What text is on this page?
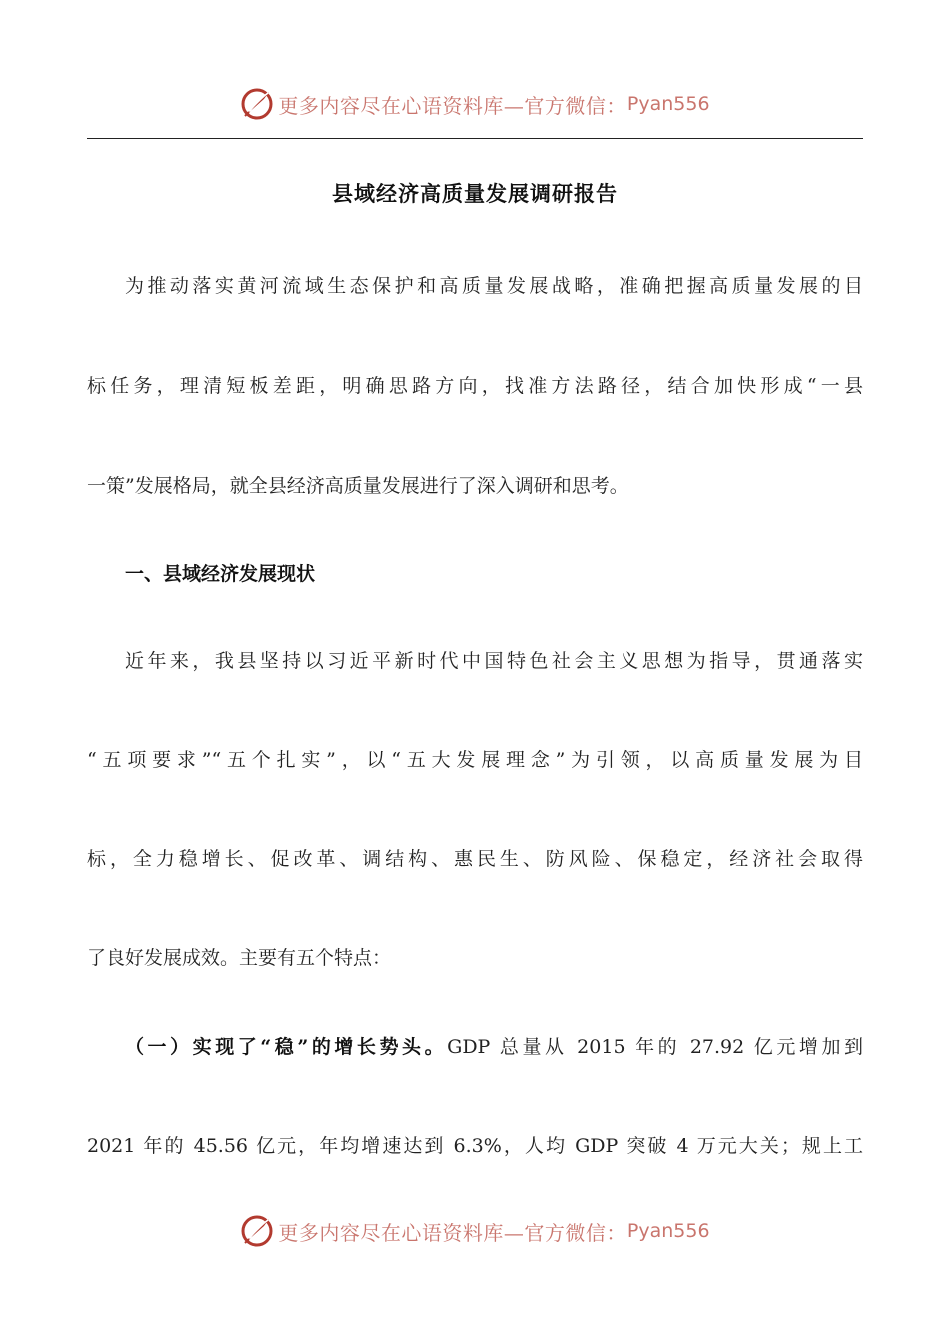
更多内容尽在心语资料库—官方微信： Pyan556
县域经济高质量发展调研报告
为推动落实黄河流域生态保护和高质量发展战略，准确把握高质量发展的目
标任务，理清短板差距，明确思路方向，找准方法路径，结合加快形成“一县
一策”发展格局，就全县经济高质量发展进行了深入调研和思考。
一、县域经济发展现状
近年来，我县坚持以习近平新时代中国特色社会主义思想为指导，贯通落实
“五项要求”“五个扎实”，以“五大发展理念”为引领，以高质量发展为目
标，全力稳增长、促改革、调结构、惠民生、防风险、保稳定，经济社会取得
了良好发展成效。主要有五个特点：
（一）实现了“稳”的增长势头。GDP 总量从 2015 年的 27.92 亿元增加到
2021 年的 45.56 亿元，年均增速达到 6.3%，人均 GDP 突破 4 万元大关；规上工
更多内容尽在心语资料库—官方微信： Pyan556
